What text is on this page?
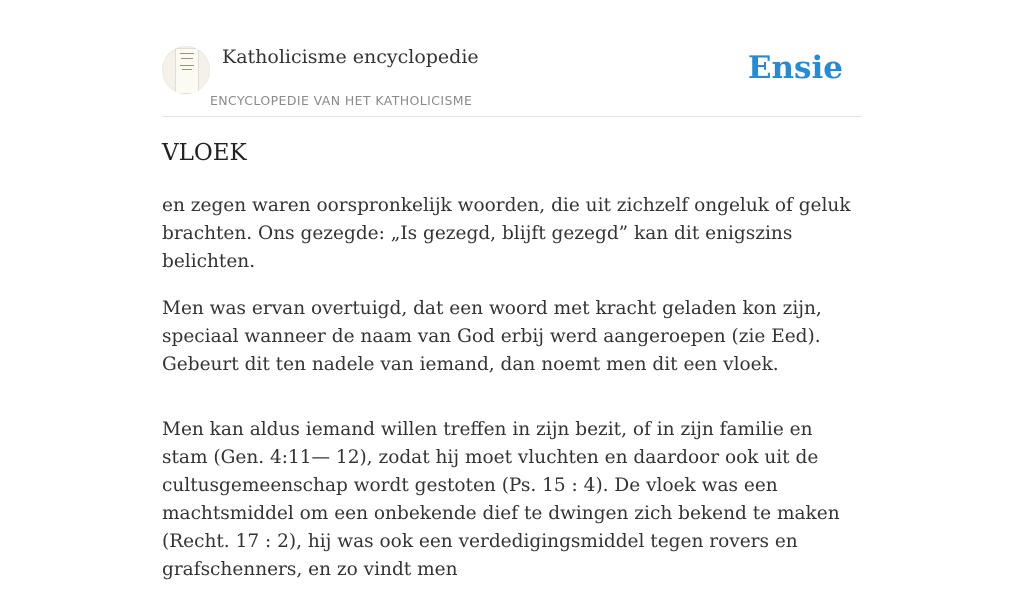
Katholicisme encyclopedie
ENCYCLOPEDIE VAN HET KATHOLICISME
Ensie
VLOEK

en zegen waren oorspronkelijk woorden, die uit zichzelf ongeluk of geluk brachten. Ons gezegde: „Is gezegd, blijft gezegd” kan dit enigszins belichten.

Men was ervan overtuigd, dat een woord met kracht geladen kon zijn, speciaal wanneer de naam van God erbij werd aangeroepen (zie Eed). Gebeurt dit ten nadele van iemand, dan noemt men dit een vloek.

Men kan aldus iemand willen treffen in zijn bezit, of in zijn familie en stam (Gen. 4:11— 12), zodat hij moet vluchten en daardoor ook uit de cultusgemeenschap wordt gestoten (Ps. 15 : 4). De vloek was een machtsmiddel om een onbekende dief te dwingen zich bekend te maken (Recht. 17 : 2), hij was ook een verdedigingsmiddel tegen rovers en grafschenners, en zo vindt men
